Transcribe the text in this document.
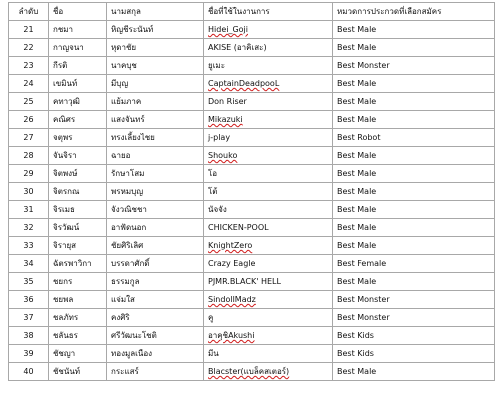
ลำดับ	ชื่อ	นามสกุล	ชื่อที่ใช้ในงานการ	หมวดการประกวดที่เลือกสมัคร
21	กชมา	หิญชีระนันท์	Hidei_Goji	Best Male
22	กาญจนา	หุดาชัย	AKISE (อาคิเสะ)	Best Male
23	กีรติ	นาคบุช	ยูเมะ	Best Monster
24	เขมินท์	มีบุญ	CaptainDeadpooL	Best Male
25	คทาวุฒิ	แย้มภาค	Don Riser	Best Male
26	คณิศร	แสงจันทร์	Mikazuki	Best Male
27	จตุพร	ทรงเลี้ยงไชย	j-play	Best Robot
28	จันจิรา	ฉายอ	Shouko	Best Male
29	จิตพงษ์	รักษาโสม	โอ	Best Male
30	จิตรกณ	พรหมบุญ	โต้	Best Male
31	จิรเมธ	จังวณิชชา	นัจจัง	Best Male
32	จิรวัฒน์	อาฟัดนอก	CHICKEN-POOL	Best Male
33	จิรายุส	ชัยศิริเลิศ	KnightZero	Best Male
34	ฉัตรพาวิกา	บรรดาศักดิ์	Crazy Eagle	Best Female
35	ชยกร	ธรรมกูล	PJMR.BLACK' HELL	Best Male
36	ชยพล	แจ่มใส	SindollMadz	Best Monster
37	ชลภัทร	คงศิริ	คู	Best Monster
38	ชลันธร	ศรีวัฒนะโชติ	อาคุชิAkushi	Best Kids
39	ชัชญา	ทองมูลเนือง	มีน	Best Kids
40	ชัชนันท์	กระแสร์	Blacster(แบล็คสเตอร์)	Best Male
